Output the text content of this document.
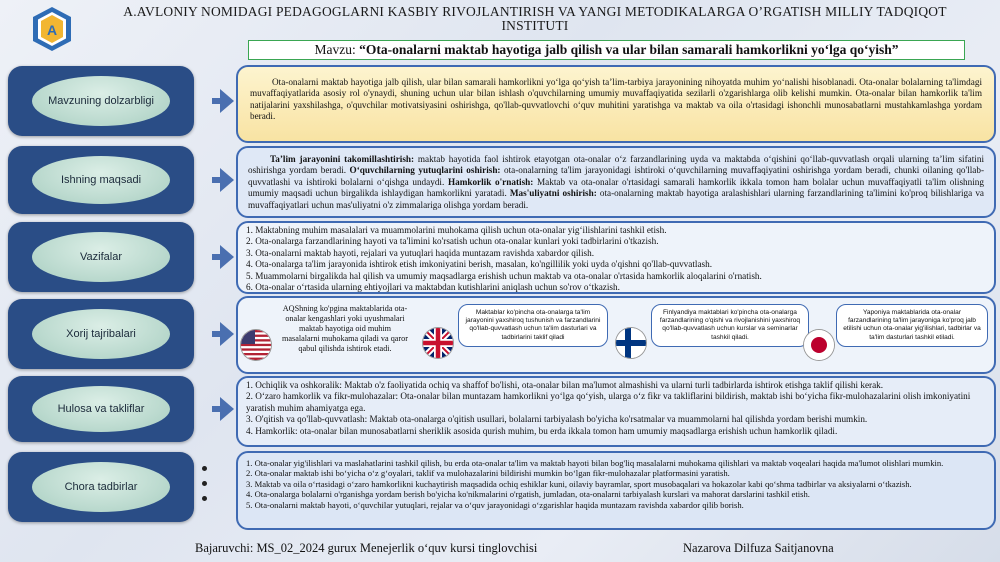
A
A.AVLONIY NOMIDAGI PEDAGOGLARNI KASBIY RIVOJLANTIRISH VA YANGI METODIKALARGA O’RGATISH MILLIY TADQIQOT INSTITUTI
Mavzu: “Ota-onalarni maktab hayotiga jalb qilish va ular bilan samarali hamkorlikni yo‘lga qo‘yish”
Mavzuning dolzarbligi
Ishning maqsadi
Vazifalar
Xorij tajribalari
Hulosa va takliflar
Chora tadbirlar

Ota-onalarni maktab hayotiga jalb qilish, ular bilan samarali hamkorlikni yo‘lga qo‘yish ta’lim-tarbiya jarayonining nihoyatda muhim yo‘nalishi hisoblanadi. Ota-onalar bolalarning ta'limdagi muvaffaqiyatlarida asosiy rol o'ynaydi, shuning uchun ular bilan ishlash o'quvchilarning umumiy muvaffaqiyatida sezilarli o'zgarishlarga olib kelishi mumkin. Ota-onalar bilan hamkorlik ta'lim natijalarini yaxshilashga, o'quvchilar motivatsiyasini oshirishga, qo'llab-quvvatlovchi o‘quv muhitini yaratishga va maktab va oila o'rtasidagi ishonchli munosabatlarni mustahkamlashga yordam beradi.

Ta’lim jarayonini takomillashtirish: maktab hayotida faol ishtirok etayotgan ota-onalar o‘z farzandlarining uyda va maktabda o‘qishini qo‘llab-quvvatlash orqali ularning ta’lim sifatini oshirishga yordam beradi. O‘quvchilarning yutuqlarini oshirish: ota-onalarning ta'lim jarayonidagi ishtiroki o‘quvchilarning muvaffaqiyatini oshirishga yordam beradi, chunki oilaning qo'llab-quvvatlashi va ishtiroki bolalarni o‘qishga undaydi. Hamkorlik o'rnatish: Maktab va ota-onalar o'rtasidagi samarali hamkorlik ikkala tomon ham bolalar uchun muvaffaqiyatli ta'lim olishning umumiy maqsadi uchun birgalikda ishlaydigan hamkorlikni yaratadi. Mas'uliyatni oshirish: ota-onalarning maktab hayotiga aralashishlari ularning farzandlarining ta'limini ko'proq bilishlariga va muvaffaqiyatlari uchun mas'uliyatni o'z zimmalariga olishga yordam beradi.

1. Maktabning muhim masalalari va muammolarini muhokama qilish uchun ota-onalar yig‘ilishlarini tashkil etish.

2. Ota-onalarga farzandlarining hayoti va ta'limini ko'rsatish uchun ota-onalar kunlari yoki tadbirlarini o'tkazish.

3. Ota-onalarni maktab hayoti, rejalari va yutuqlari haqida muntazam ravishda xabardor qilish.

4. Ota-onalarga ta'lim jarayonida ishtirok etish imkoniyatini berish, masalan, ko'ngillilik yoki uyda o'qishni qo'llab-quvvatlash.

5. Muammolarni birgalikda hal qilish va umumiy maqsadlarga erishish uchun maktab va ota-onalar o'rtasida hamkorlik aloqalarini o'rnatish.

6. Ota-onalar o‘rtasida ularning ehtiyojlari va maktabdan kutishlarini aniqlash uchun so'rov o‘tkazish.

AQShning ko'pgina maktablarida ota-onalar kengashlari yoki uyushmalari maktab hayotiga oid muhim masalalarni muhokama qiladi va qaror qabul qilishda ishtirok etadi.
Maktablar ko'pincha ota-onalarga ta'lim jarayonini yaxshiroq tushunish va farzandlarini qo'llab-quvvatlash uchun ta'lim dasturlari va tadbirlarini taklif qiladi
Finlyandiya maktablari ko'pincha ota-onalarga farzandlarining o'qishi va rivojlanishini yaxshiroq qo'llab-quvvatlash uchun kurslar va seminarlar tashkil qiladi.
Yaponiya maktablarida ota-onalar farzandlarining ta'lim jarayoniga ko'proq jalb etilishi uchun ota-onalar yig'ilishlari, tadbirlar va ta'lim dasturlari tashkil etiladi.

1. Ochiqlik va oshkoralik: Maktab o'z faoliyatida ochiq va shaffof bo'lishi, ota-onalar bilan ma'lumot almashishi va ularni turli tadbirlarda ishtirok etishga taklif qilishi kerak.

2. O‘zaro hamkorlik va fikr-mulohazalar: Ota-onalar bilan muntazam hamkorlikni yo‘lga qo‘yish, ularga o‘z fikr va takliflarini bildirish, maktab ishi bo‘yicha fikr-mulohazalarini olish imkoniyatini yaratish muhim ahamiyatga ega.

3. O'qitish va qo'llab-quvvatlash: Maktab ota-onalarga o'qitish usullari, bolalarni tarbiyalash bo'yicha ko'rsatmalar va muammolarni hal qilishda yordam berishi mumkin.

4. Hamkorlik: ota-onalar bilan munosabatlarni sheriklik asosida qurish muhim, bu erda ikkala tomon ham umumiy maqsadlarga erishish uchun hamkorlik qiladi.

1. Ota-onalar yig'ilishlari va maslahatlarini tashkil qilish, bu erda ota-onalar ta'lim va maktab hayoti bilan bog'liq masalalarni muhokama qilishlari va maktab voqealari haqida ma'lumot olishlari mumkin.

2. Ota-onalar maktab ishi bo‘yicha o‘z g‘oyalari, taklif va mulohazalarini bildirishi mumkin bo‘lgan fikr-mulohazalar platformasini yaratish.

3. Maktab va oila o‘rtasidagi o‘zaro hamkorlikni kuchaytirish maqsadida ochiq eshiklar kuni, oilaviy bayramlar, sport musobaqalari va hokazolar kabi qo‘shma tadbirlar va aksiyalarni o‘tkazish.

4. Ota-onalarga bolalarni o'rganishga yordam berish bo'yicha ko'nikmalarini o'rgatish, jumladan, ota-onalarni tarbiyalash kurslari va mahorat darslarini tashkil etish.

5. Ota-onalarni maktab hayoti, o‘quvchilar yutuqlari, rejalar va o‘quv jarayonidagi o‘zgarishlar haqida muntazam ravishda xabardor qilib borish.

Bajaruvchi: MS_02_2024 gurux Menejerlik o‘quv kursi tinglovchisi	Nazarova Dilfuza Saitjanovna
